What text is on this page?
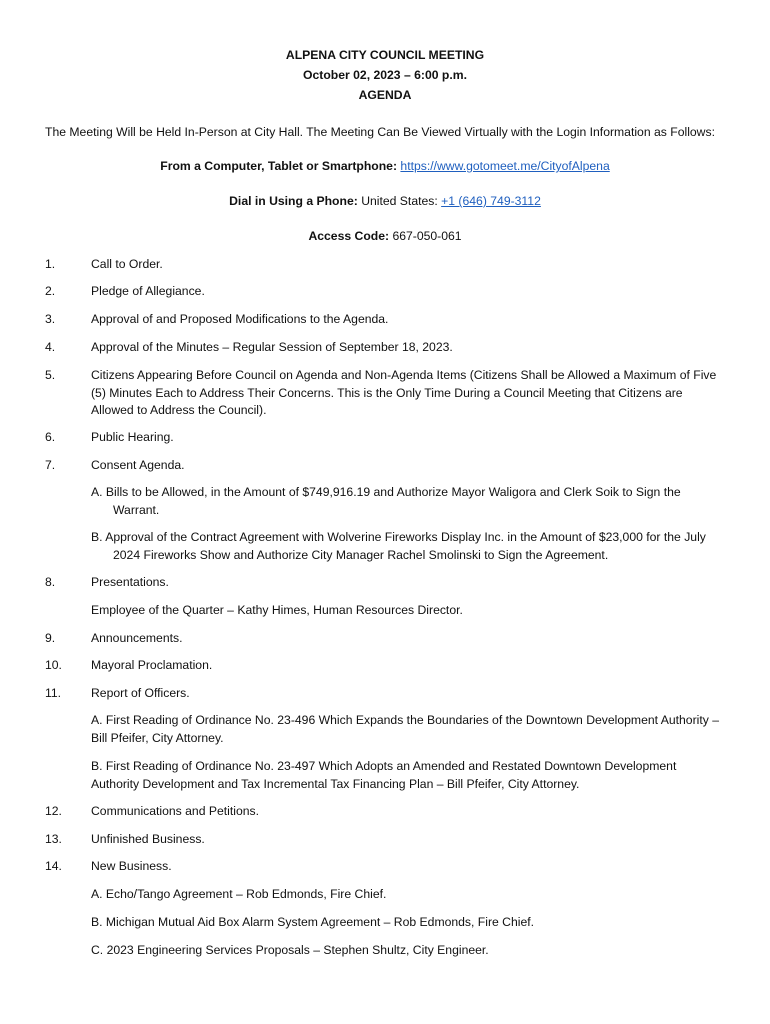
ALPENA CITY COUNCIL MEETING
October 02, 2023 – 6:00 p.m.
AGENDA
The Meeting Will be Held In-Person at City Hall. The Meeting Can Be Viewed Virtually with the Login Information as Follows:
From a Computer, Tablet or Smartphone: https://www.gotomeet.me/CityofAlpena
Dial in Using a Phone: United States: +1 (646) 749-3112
Access Code: 667-050-061
1.	Call to Order.
2.	Pledge of Allegiance.
3.	Approval of and Proposed Modifications to the Agenda.
4.	Approval of the Minutes – Regular Session of September 18, 2023.
5.	Citizens Appearing Before Council on Agenda and Non-Agenda Items (Citizens Shall be Allowed a Maximum of Five (5) Minutes Each to Address Their Concerns. This is the Only Time During a Council Meeting that Citizens are Allowed to Address the Council).
6.	Public Hearing.
7.	Consent Agenda.
A. Bills to be Allowed, in the Amount of $749,916.19 and Authorize Mayor Waligora and Clerk Soik to Sign the Warrant.
B. Approval of the Contract Agreement with Wolverine Fireworks Display Inc. in the Amount of $23,000 for the July 2024 Fireworks Show and Authorize City Manager Rachel Smolinski to Sign the Agreement.
8.	Presentations.
Employee of the Quarter – Kathy Himes, Human Resources Director.
9.	Announcements.
10. Mayoral Proclamation.
11. Report of Officers.
A. First Reading of Ordinance No. 23-496 Which Expands the Boundaries of the Downtown Development Authority – Bill Pfeifer, City Attorney.
B. First Reading of Ordinance No. 23-497 Which Adopts an Amended and Restated Downtown Development Authority Development and Tax Incremental Tax Financing Plan – Bill Pfeifer, City Attorney.
12. Communications and Petitions.
13. Unfinished Business.
14. New Business.
A. Echo/Tango Agreement – Rob Edmonds, Fire Chief.
B. Michigan Mutual Aid Box Alarm System Agreement – Rob Edmonds, Fire Chief.
C. 2023 Engineering Services Proposals – Stephen Shultz, City Engineer.
